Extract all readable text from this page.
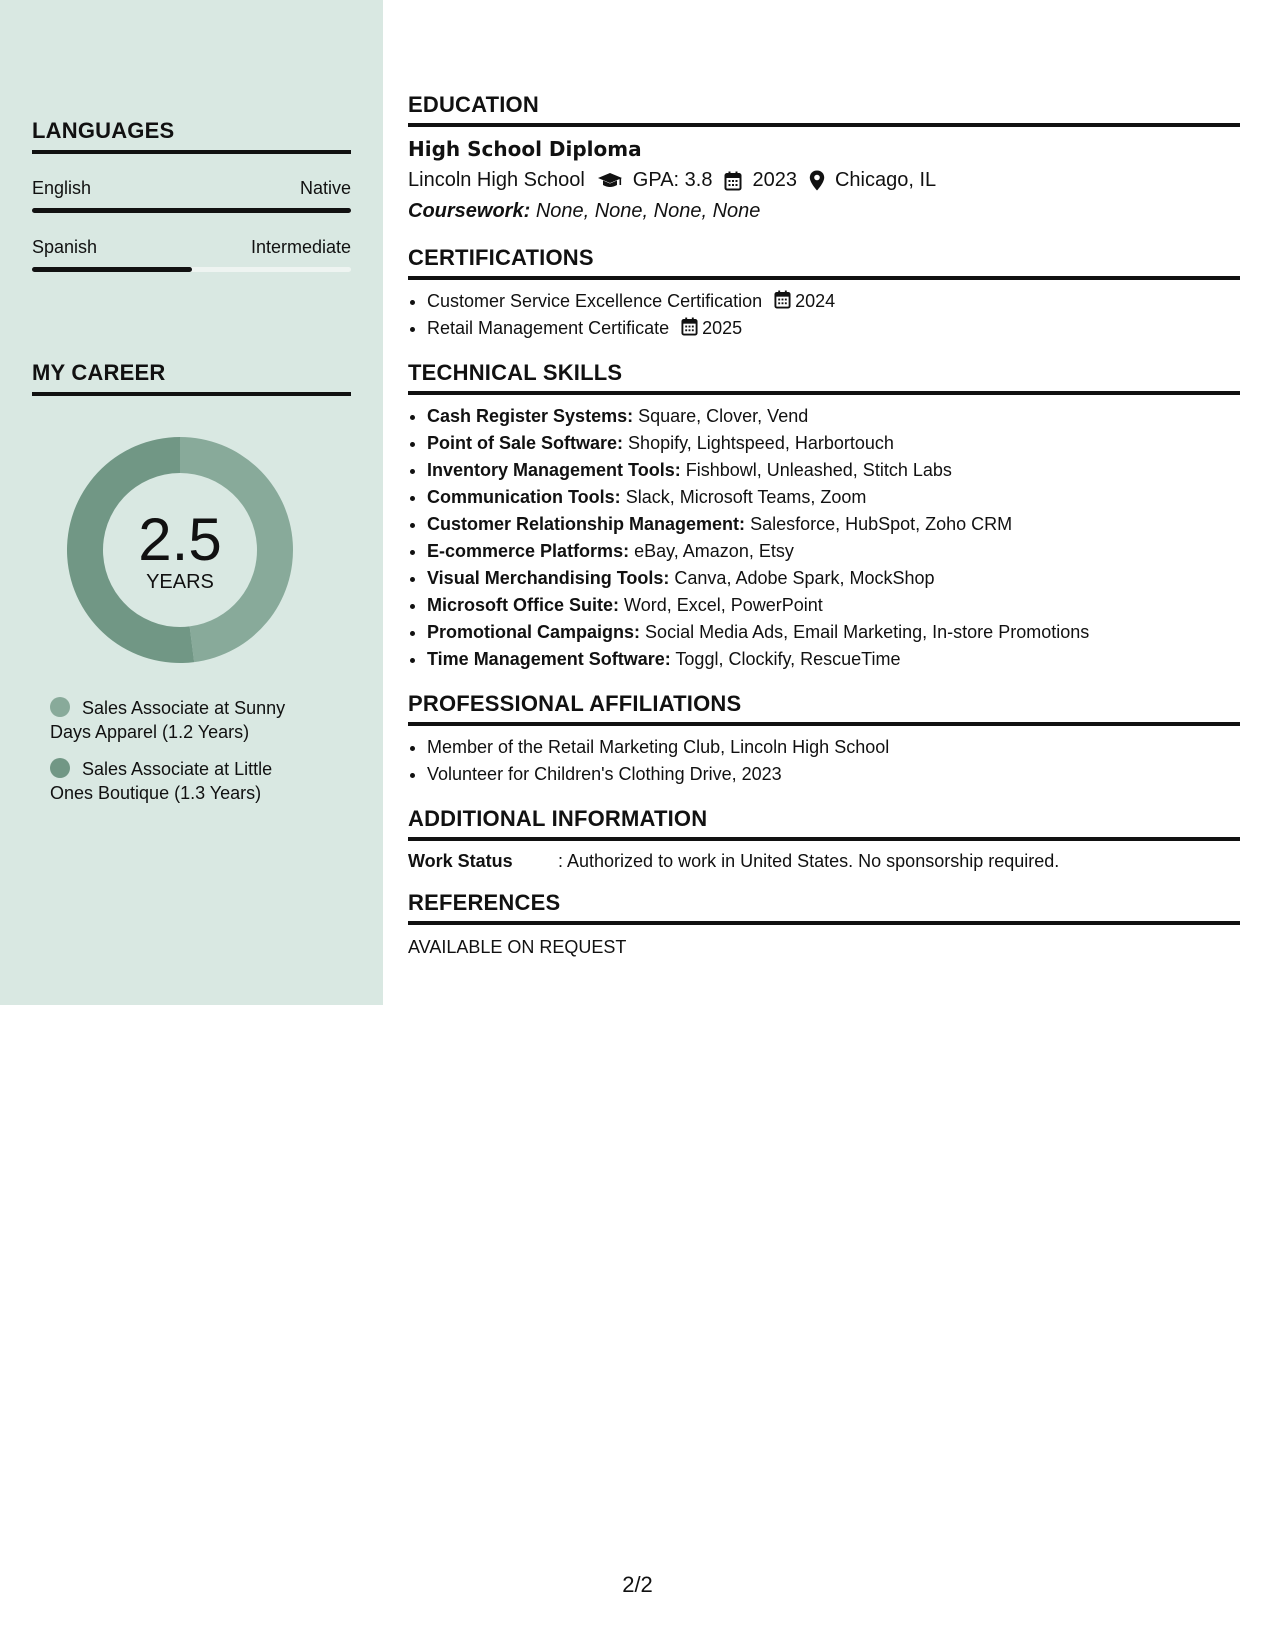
LANGUAGES
English	Native
Spanish	Intermediate
MY CAREER
2.5
YEARS
Sales Associate at Sunny Days Apparel (1.2 Years)
Sales Associate at Little Ones Boutique (1.3 Years)
EDUCATION
High School Diploma
Lincoln High School GPA: 3.8 2023 Chicago, IL
Coursework: None, None, None, None
CERTIFICATIONS
• Customer Service Excellence Certification 2024
• Retail Management Certificate 2025
TECHNICAL SKILLS
• Cash Register Systems: Square, Clover, Vend
• Point of Sale Software: Shopify, Lightspeed, Harbortouch
• Inventory Management Tools: Fishbowl, Unleashed, Stitch Labs
• Communication Tools: Slack, Microsoft Teams, Zoom
• Customer Relationship Management: Salesforce, HubSpot, Zoho CRM
• E-commerce Platforms: eBay, Amazon, Etsy
• Visual Merchandising Tools: Canva, Adobe Spark, MockShop
• Microsoft Office Suite: Word, Excel, PowerPoint
• Promotional Campaigns: Social Media Ads, Email Marketing, In-store Promotions
• Time Management Software: Toggl, Clockify, RescueTime
PROFESSIONAL AFFILIATIONS
• Member of the Retail Marketing Club, Lincoln High School
• Volunteer for Children's Clothing Drive, 2023
ADDITIONAL INFORMATION
Work Status	: Authorized to work in United States. No sponsorship required.
REFERENCES
AVAILABLE ON REQUEST
2/2
